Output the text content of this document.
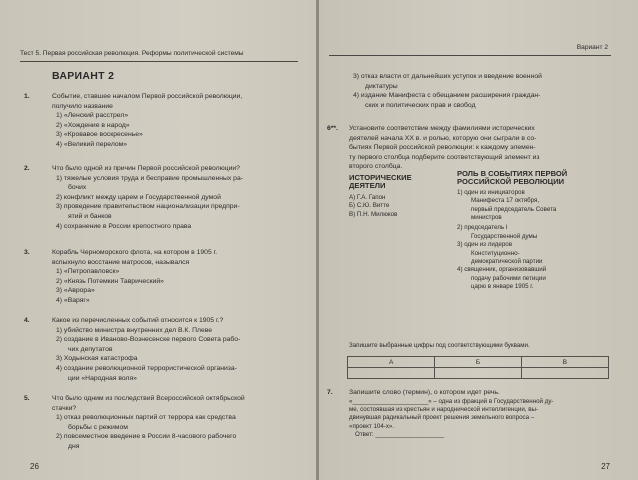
Тест 5. Первая российская революция. Реформы политической системы
ВАРИАНТ 2
1.	Событие, ставшее началом Первой российской революции,
получило название
1) «Ленский расстрел»
2) «Хождение в народ»
3) «Кровавое воскресенье»
4) «Великий перелом»
2.	Что было одной из причин Первой российской революции?
1) тяжелые условия труда и бесправие промышленных ра-
бочих
2) конфликт между царем и Государственной думой
3) проведение правительством национализации предпри-
ятий и банков
4) сохранение в России крепостного права
3.	Корабль Черноморского флота, на котором в 1905 г.
вспыхнуло восстание матросов, назывался
1) «Петропавловск»
2) «Князь Потемкин Таврический»
3) «Аврора»
4) «Варяг»
4.	Какое из перечисленных событий относится к 1905 г.?
1) убийство министра внутренних дел В.К. Плеве
2) создание в Иваново-Вознесенске первого Совета рабо-
чих депутатов
3) Ходынская катастрофа
4) создание революционной террористической организа-
ции «Народная воля»
5.	Что было одним из последствий Всероссийской октябрьской
стачки?
1) отказ революционных партий от террора как средства
борьбы с режимом
2) повсеместное введение в России 8-часового рабочего
дня
26
Вариант 2
3) отказ власти от дальнейших уступок и введение военной
диктатуры
4) издание Манифеста с обещанием расширения граждан-
ских и политических прав и свобод
6**. Установите соответствие между фамилиями исторических
деятелей начала XX в. и ролью, которую они сыграли в со-
бытиях Первой российской революции: к каждому элемен-
ту первого столбца подберите соответствующий элемент из
второго столбца.
ИСТОРИЧЕСКИЕ
ДЕЯТЕЛИ
А) Г.А. Гапон
Б) С.Ю. Витте
В) П.Н. Милюков
РОЛЬ В СОБЫТИЯХ ПЕРВОЙ
РОССИЙСКОЙ РЕВОЛЮЦИИ
1) один из инициаторов
Манифеста 17 октября,
первый председатель Совета
министров
2) председатель I
Государственной думы
3) один из лидеров
Конституционно-
демократической партии
4) священник, организовавший
подачу рабочими петиции
царю в январе 1905 г.
Запишите выбранные цифры под соответствующими буквами.
А	Б	В

7. Запишите слово (термин), о котором идет речь.
«______________________» – одна из фракций в Государственной ду-
ме, состоявшая из крестьян и народнической интеллигенции, вы-
двинувшая радикальный проект решения земельного вопроса –
«проект 104-х».
Ответ: ____________________
27
